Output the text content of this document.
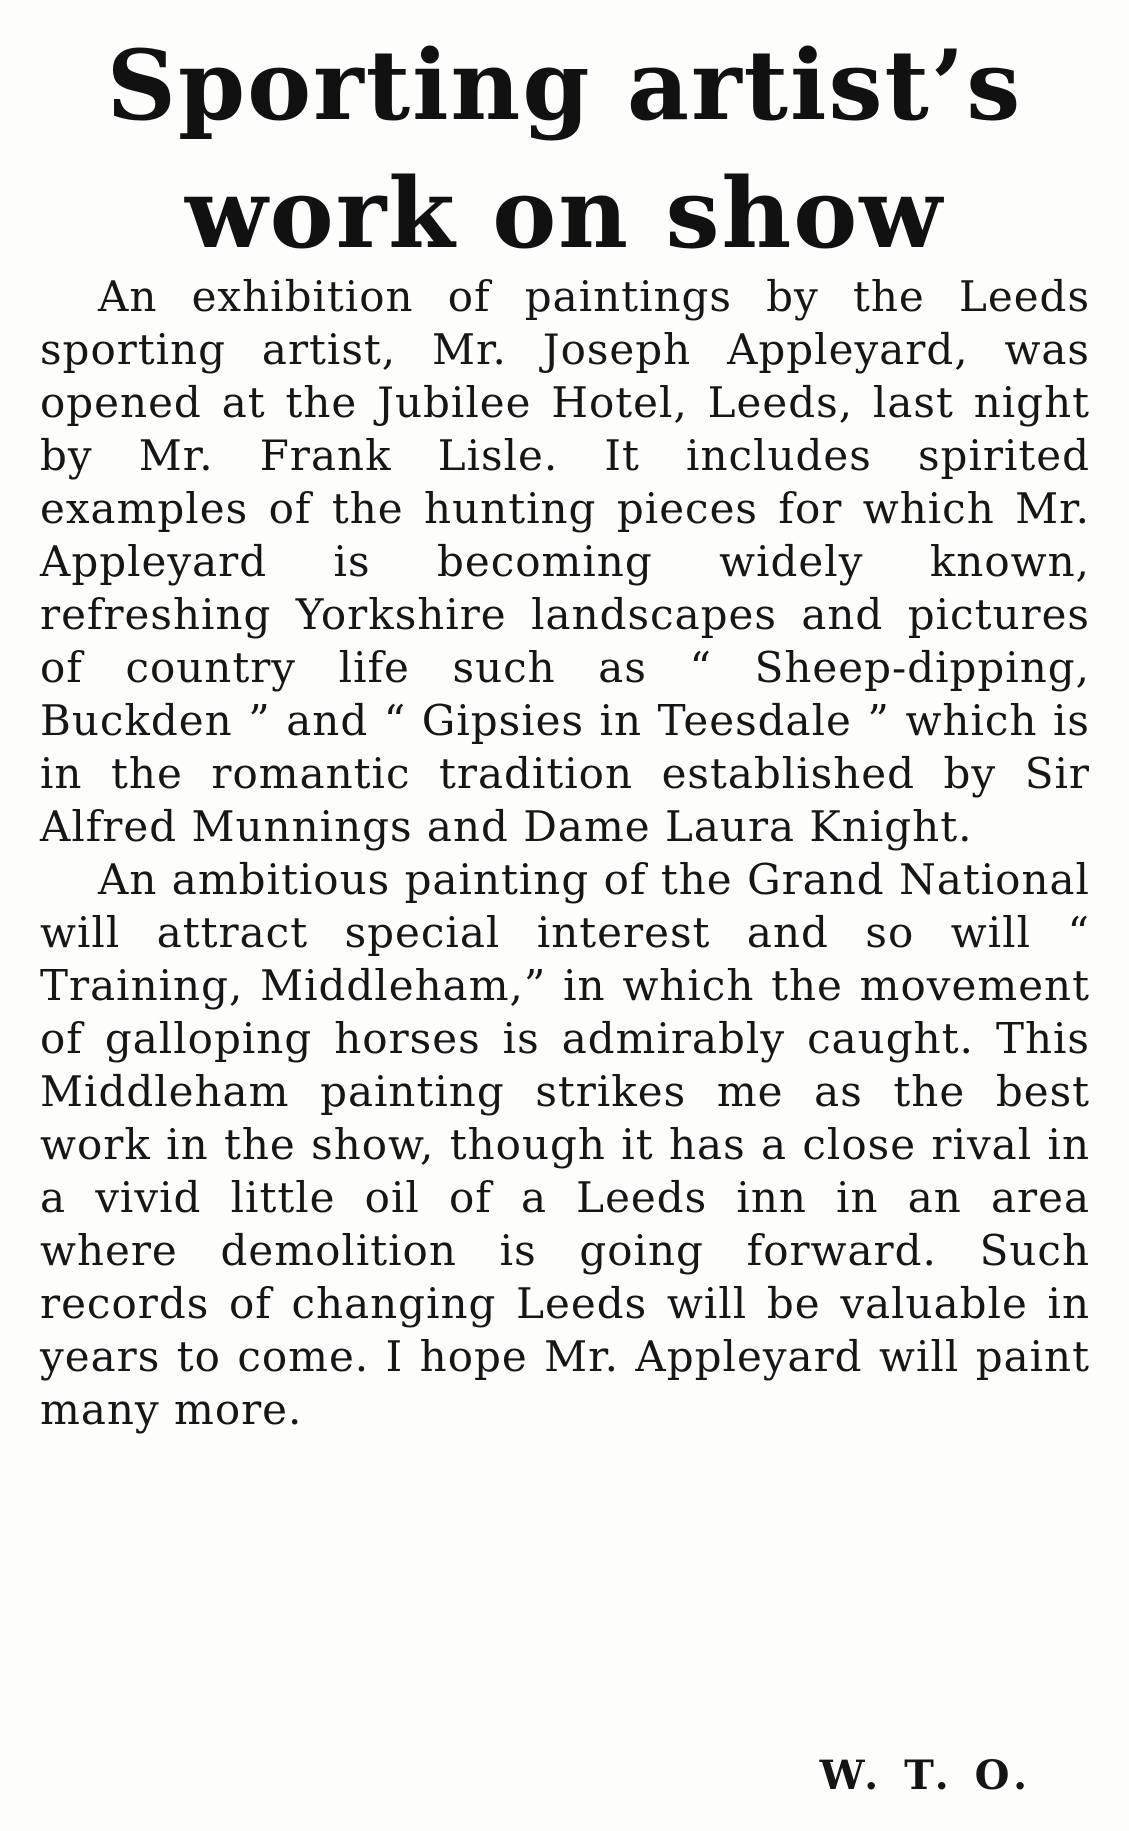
Sporting artist’s
work on show

An exhibition of paintings by the Leeds sporting artist, Mr. Joseph Appleyard, was opened at the Jubilee Hotel, Leeds, last night by Mr. Frank Lisle. It includes spirited examples of the hunting pieces for which Mr. Appleyard is becoming widely known, refreshing Yorkshire landscapes and pictures of country life such as “ Sheep-dipping, Buckden ” and “ Gipsies in Teesdale ” which is in the romantic tradition established by Sir Alfred Munnings and Dame Laura Knight.

An ambitious painting of the Grand National will attract special interest and so will “ Training, Middleham,” in which the movement of galloping horses is admirably caught. This Middleham painting strikes me as the best work in the show, though it has a close rival in a vivid little oil of a Leeds inn in an area where demolition is going forward. Such records of changing Leeds will be valuable in years to come. I hope Mr. Appleyard will paint many more.

W. T. O.
